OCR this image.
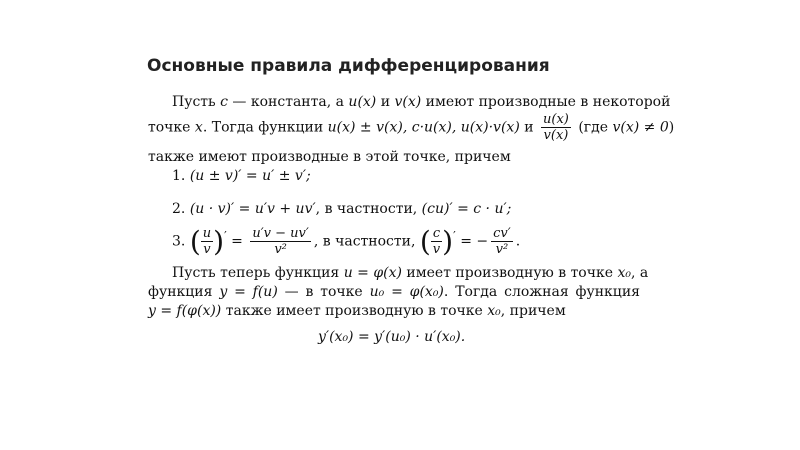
Основные правила дифференцирования
Пусть c — константа, а u(x) и v(x) имеют производные в некоторой
точке x. Тогда функции u(x) ± v(x), c·u(x), u(x)·v(x) и $\frac{u(x)}{v(x)} (где$ v(x) ≠ 0)
также имеют производные в этой точке, причем
1. (u ± v)′ = u′ ± v′;
2. (u · v)′ = u′v + uv′, в частности, (cu)′ = c · u′;
3. ( $\frac{u}{v} )' = \frac{u'v - uv'}{\text{v²}}$ , в частности, ( $\frac{c}{v} )'$ = − $\frac{cv'}{\text{v²}}$ .
Пусть теперь функция u = φ(x) имеет производную в точке x₀, а
функция y = f(u) — в точке u₀ = φ(x₀). Тогда сложная функция
y = f(φ(x)) также имеет производную в точке x₀, причем
y′(x₀) = y′(u₀) · u′(x₀).
